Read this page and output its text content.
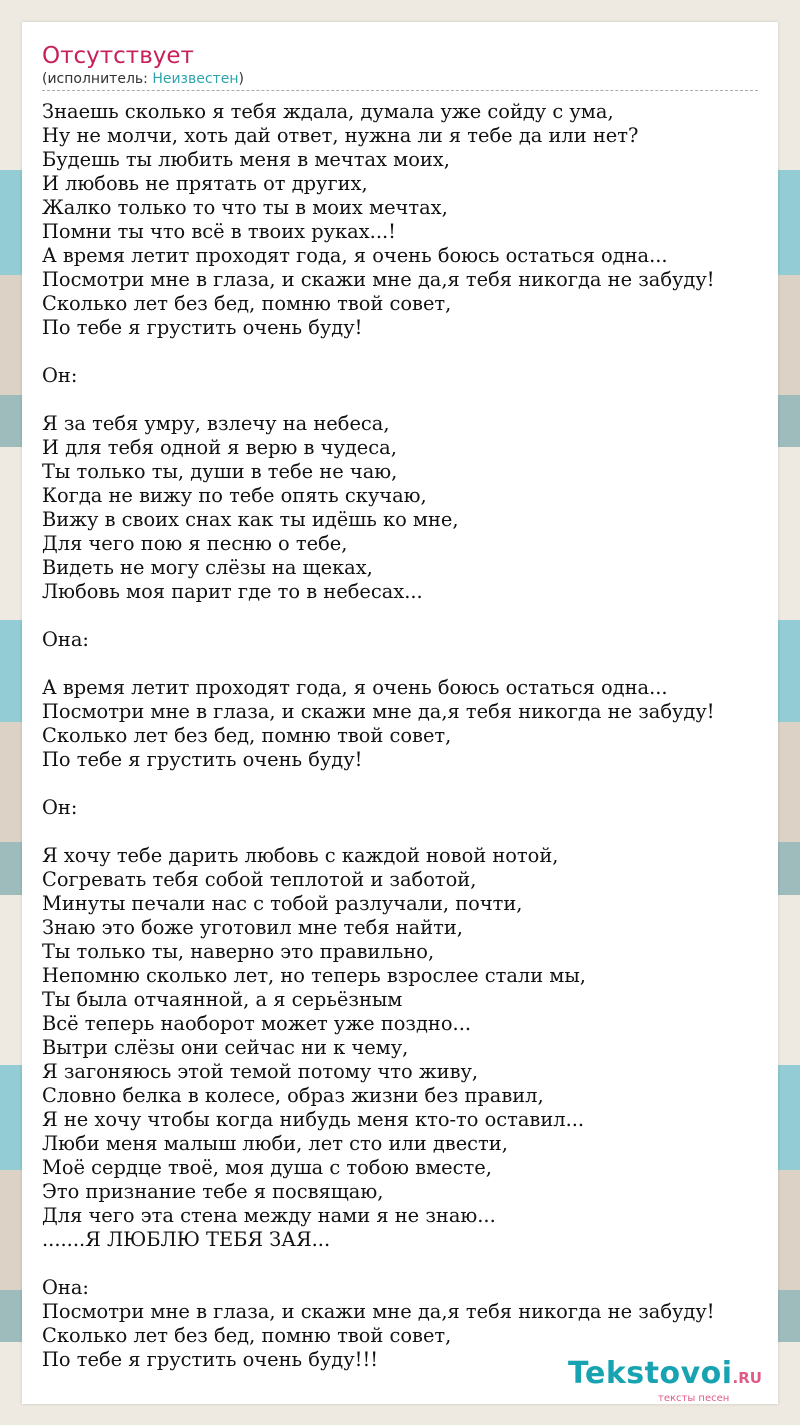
Отсутствует
(исполнитель: Неизвестен)
Знаешь сколько я тебя ждала, думала уже сойду с ума,
Ну не молчи, хоть дай ответ, нужна ли я тебе да или нет?
Будешь ты любить меня в мечтах моих,
И любовь не прятать от других,
Жалко только то что ты в моих мечтах,
Помни ты что всё в твоих руках...!
А время летит проходят года, я очень боюсь остаться одна...
Посмотри мне в глаза, и скажи мне да,я тебя никогда не забуду!
Сколько лет без бед, помню твой совет,
По тебе я грустить очень буду!

Он:

Я за тебя умру, взлечу на небеса,
И для тебя одной я верю в чудеса,
Ты только ты, души в тебе не чаю,
Когда не вижу по тебе опять скучаю,
Вижу в своих снах как ты идёшь ко мне,
Для чего пою я песню о тебе,
Видеть не могу слёзы на щеках,
Любовь моя парит где то в небесах...

Она:

А время летит проходят года, я очень боюсь остаться одна...
Посмотри мне в глаза, и скажи мне да,я тебя никогда не забуду!
Сколько лет без бед, помню твой совет,
По тебе я грустить очень буду!

Он:

Я хочу тебе дарить любовь с каждой новой нотой,
Согревать тебя собой теплотой и заботой,
Минуты печали нас с тобой разлучали, почти,
Знаю это боже уготовил мне тебя найти,
Ты только ты, наверно это правильно,
Непомню сколько лет, но теперь взрослее стали мы,
Ты была отчаянной, а я серьёзным
Всё теперь наоборот может уже поздно...
Вытри слёзы они сейчас ни к чему,
Я загоняюсь этой темой потому что живу,
Словно белка в колесе, образ жизни без правил,
Я не хочу чтобы когда нибудь меня кто-то оставил...
Люби меня малыш люби, лет сто или двести,
Моё сердце твоё, моя душа с тобою вместе,
Это признание тебе я посвящаю,
Для чего эта стена между нами я не знаю...
.......Я ЛЮБЛЮ ТЕБЯ ЗАЯ...

Она:
Посмотри мне в глаза, и скажи мне да,я тебя никогда не забуду!
Сколько лет без бед, помню твой совет,
По тебе я грустить очень буду!!!	Tekstovoi.RU
тексты песен
